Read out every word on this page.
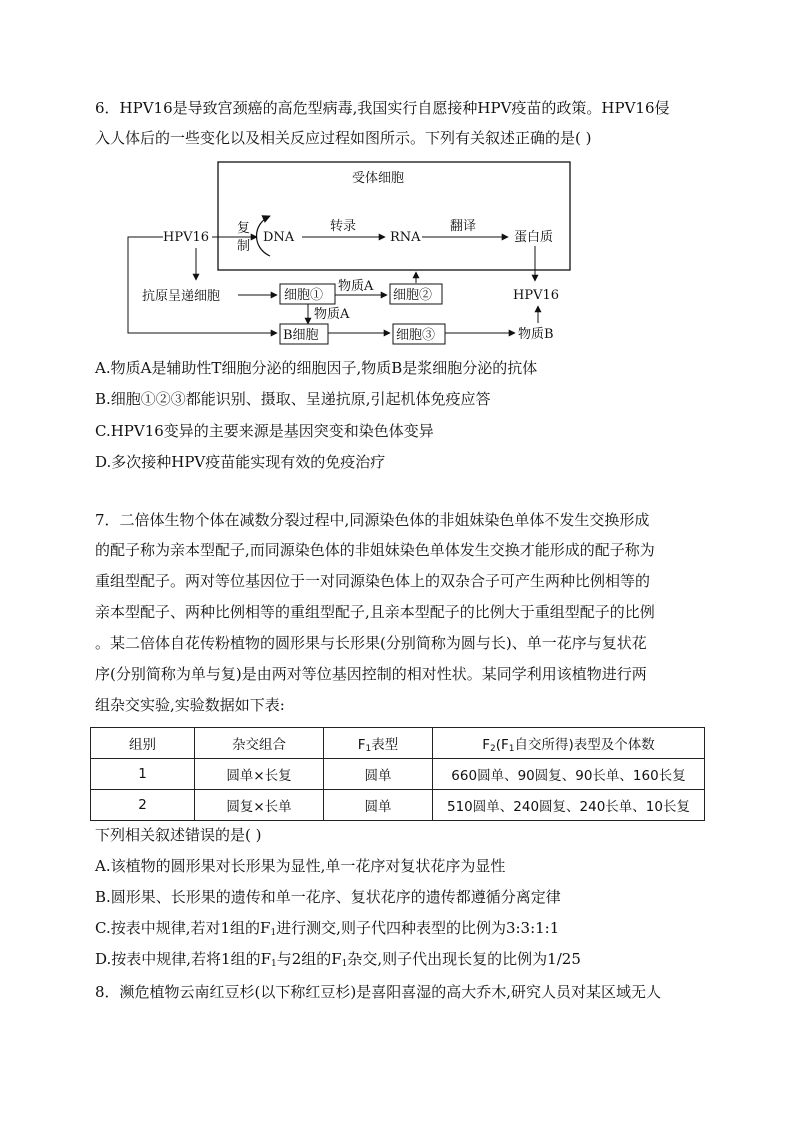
6．HPV16是导致宫颈癌的高危型病毒,我国实行自愿接种HPV疫苗的政策。HPV16侵
入人体后的一些变化以及相关反应过程如图所示。下列有关叙述正确的是( )
受体细胞
HPV16
复
制
DNA
转录
RNA
翻译
蛋白质
HPV16
抗原呈递细胞	细胞①
物质A
细胞②
物质A
B细胞	细胞③	物质B
A.物质A是辅助性T细胞分泌的细胞因子,物质B是浆细胞分泌的抗体
B.细胞①②③都能识别、摄取、呈递抗原,引起机体免疫应答
C.HPV16变异的主要来源是基因突变和染色体变异
D.多次接种HPV疫苗能实现有效的免疫治疗
7．二倍体生物个体在减数分裂过程中,同源染色体的非姐妹染色单体不发生交换形成
的配子称为亲本型配子,而同源染色体的非姐妹染色单体发生交换才能形成的配子称为
重组型配子。两对等位基因位于一对同源染色体上的双杂合子可产生两种比例相等的
亲本型配子、两种比例相等的重组型配子,且亲本型配子的比例大于重组型配子的比例
。某二倍体自花传粉植物的圆形果与长形果(分别简称为圆与长)、单一花序与复状花
序(分别简称为单与复)是由两对等位基因控制的相对性状。某同学利用该植物进行两
组杂交实验,实验数据如下表:
组别	杂交组合	$F_1$表型	$F_2(F_1$自交所得)表型及个体数
1	圆单×长复	圆单	660圆单、90圆复、90长单、160长复
2	圆复×长单	圆单	510圆单、240圆复、240长单、10长复
下列相关叙述错误的是( )
A.该植物的圆形果对长形果为显性,单一花序对复状花序为显性
B.圆形果、长形果的遗传和单一花序、复状花序的遗传都遵循分离定律
C.按表中规律,若对1组的$F_1$进行测交,则子代四种表型的比例为3:3:1:1
D.按表中规律,若将1组的$F_1$与2组的$F_1$杂交,则子代出现长复的比例为1/25
8．濒危植物云南红豆杉(以下称红豆杉)是喜阳喜湿的高大乔木,研究人员对某区域无人
